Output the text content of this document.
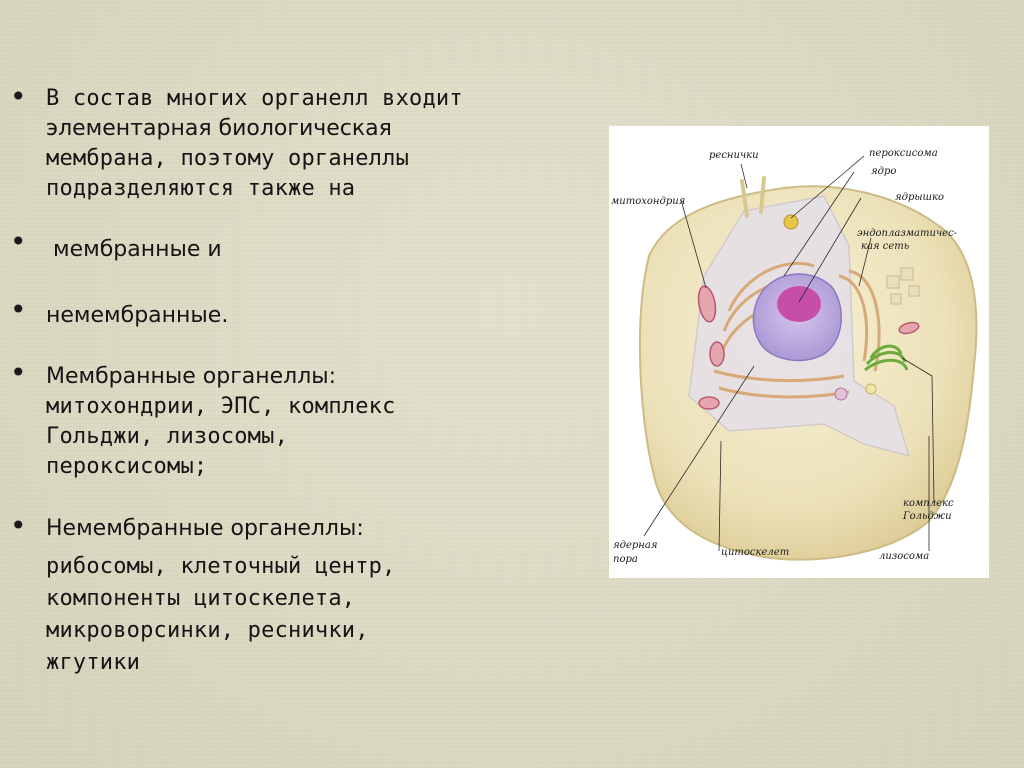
• В состав многих органелл входит
элементарная биологическая
мембрана, поэтому органеллы
подразделяются также на
• мембранные и
• немембранные.
• Мембранные органеллы:
митохондрии, ЭПС, комплекс
Гольджи, лизосомы,
пероксисомы;
• Немембранные органеллы:
рибосомы, клеточный центр,
компоненты цитоскелета,
микроворсинки, реснички,
жгутики
реснички	пероксисома
ядро
митохондрия	ядрышко
эндоплазматичес-
кая сеть
комплекс
Гольджи
ядерная
пора
цитоскелет	лизосома
